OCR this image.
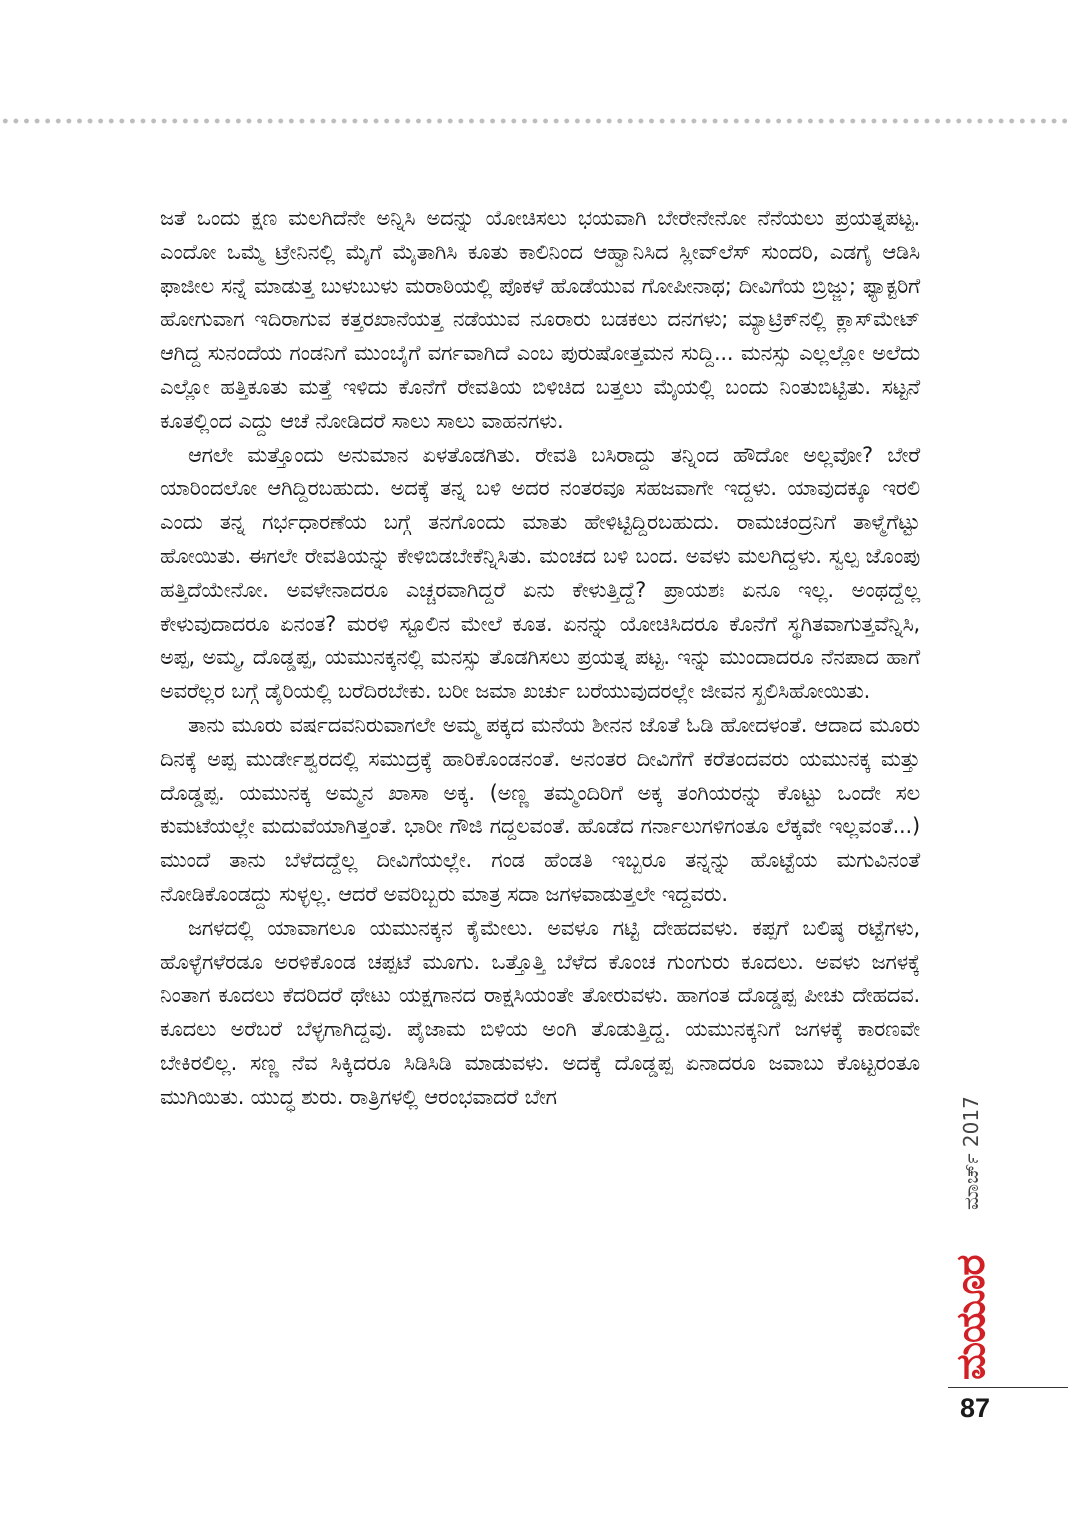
ಜತೆ ಒಂದು ಕ್ಷಣ ಮಲಗಿದೆನೇ ಅನ್ನಿಸಿ ಅದನ್ನು ಯೋಚಿಸಲು ಭಯವಾಗಿ ಬೇರೇನೇನೋ ನೆನೆಯಲು ಪ್ರಯತ್ನಪಟ್ಟ. ಎಂದೋ ಒಮ್ಮೆ ಟ್ರೇನಿನಲ್ಲಿ ಮೈಗೆ ಮೈತಾಗಿಸಿ ಕೂತು ಕಾಲಿನಿಂದ ಆಹ್ವಾನಿಸಿದ ಸ್ಲೀವ್‌ಲೆಸ್ ಸುಂದರಿ, ಎಡಗೈ ಆಡಿಸಿ ಫಾಜೀಲ ಸನ್ನೆ ಮಾಡುತ್ತ ಬುಳುಬುಳು ಮರಾಠಿಯಲ್ಲಿ ಪೊಕಳೆ ಹೊಡೆಯುವ ಗೋಪೀನಾಥ; ದೀವಿಗೆಯ ಬ್ರಿಜ್ಜು; ಫ್ಯಾಕ್ಟರಿಗೆ ಹೋಗುವಾಗ ಇದಿರಾಗುವ ಕತ್ತರಖಾನೆಯತ್ತ ನಡೆಯುವ ನೂರಾರು ಬಡಕಲು ದನಗಳು; ಮ್ಯಾಟ್ರಿಕ್‌ನಲ್ಲಿ ಕ್ಲಾಸ್‌ಮೇಟ್ ಆಗಿದ್ದ ಸುನಂದೆಯ ಗಂಡನಿಗೆ ಮುಂಬೈಗೆ ವರ್ಗವಾಗಿದೆ ಎಂಬ ಪುರುಷೋತ್ತಮನ ಸುದ್ದಿ... ಮನಸ್ಸು ಎಲ್ಲಲ್ಲೋ ಅಲೆದು ಎಲ್ಲೋ ಹತ್ತಿಕೂತು ಮತ್ತೆ ಇಳಿದು ಕೊನೆಗೆ ರೇವತಿಯ ಬಿಳಿಚಿದ ಬತ್ತಲು ಮೈಯಲ್ಲಿ ಬಂದು ನಿಂತುಬಿಟ್ಟಿತು. ಸಟ್ಟನೆ ಕೂತಲ್ಲಿಂದ ಎದ್ದು ಆಚೆ ನೋಡಿದರೆ ಸಾಲು ಸಾಲು ವಾಹನಗಳು.

ಆಗಲೇ ಮತ್ತೊಂದು ಅನುಮಾನ ಏಳತೊಡಗಿತು. ರೇವತಿ ಬಸಿರಾದ್ದು ತನ್ನಿಂದ ಹೌದೋ ಅಲ್ಲವೋ? ಬೇರೆ ಯಾರಿಂದಲೋ ಆಗಿದ್ದಿರಬಹುದು. ಅದಕ್ಕೆ ತನ್ನ ಬಳಿ ಅದರ ನಂತರವೂ ಸಹಜವಾಗೇ ಇದ್ದಳು. ಯಾವುದಕ್ಕೂ ಇರಲಿ ಎಂದು ತನ್ನ ಗರ್ಭಧಾರಣೆಯ ಬಗ್ಗೆ ತನಗೊಂದು ಮಾತು ಹೇಳಿಟ್ಟಿದ್ದಿರಬಹುದು. ರಾಮಚಂದ್ರನಿಗೆ ತಾಳ್ಮೆಗೆಟ್ಟು ಹೋಯಿತು. ಈಗಲೇ ರೇವತಿಯನ್ನು ಕೇಳಿಬಿಡಬೇಕೆನ್ನಿಸಿತು. ಮಂಚದ ಬಳಿ ಬಂದ. ಅವಳು ಮಲಗಿದ್ದಳು. ಸ್ವಲ್ಪ ಜೊಂಪು ಹತ್ತಿದೆಯೇನೋ. ಅವಳೇನಾದರೂ ಎಚ್ಚರವಾಗಿದ್ದರೆ ಏನು ಕೇಳುತ್ತಿದ್ದೆ? ಪ್ರಾಯಶಃ ಏನೂ ಇಲ್ಲ. ಅಂಥದ್ದೆಲ್ಲ ಕೇಳುವುದಾದರೂ ಏನಂತ? ಮರಳಿ ಸ್ಟೂಲಿನ ಮೇಲೆ ಕೂತ. ಏನನ್ನು ಯೋಚಿಸಿದರೂ ಕೊನೆಗೆ ಸ್ಥಗಿತವಾಗುತ್ತವೆನ್ನಿಸಿ, ಅಪ್ಪ, ಅಮ್ಮ, ದೊಡ್ಡಪ್ಪ, ಯಮುನಕ್ಕನಲ್ಲಿ ಮನಸ್ಸು ತೊಡಗಿಸಲು ಪ್ರಯತ್ನ ಪಟ್ಟ. ಇನ್ನು ಮುಂದಾದರೂ ನೆನಪಾದ ಹಾಗೆ ಅವರೆಲ್ಲರ ಬಗ್ಗೆ ಡೈರಿಯಲ್ಲಿ ಬರೆದಿರಬೇಕು. ಬರೀ ಜಮಾ ಖರ್ಚು ಬರೆಯುವುದರಲ್ಲೇ ಜೀವನ ಸ್ಖಲಿಸಿಹೋಯಿತು.

ತಾನು ಮೂರು ವರ್ಷದವನಿರುವಾಗಲೇ ಅಮ್ಮ ಪಕ್ಕದ ಮನೆಯ ಶೀನನ ಜೊತೆ ಓಡಿ ಹೋದಳಂತೆ. ಆದಾದ ಮೂರು ದಿನಕ್ಕೆ ಅಪ್ಪ ಮುರ್ಡೇಶ್ವರದಲ್ಲಿ ಸಮುದ್ರಕ್ಕೆ ಹಾರಿಕೊಂಡನಂತೆ. ಅನಂತರ ದೀವಿಗೆಗೆ ಕರೆತಂದವರು ಯಮುನಕ್ಕ ಮತ್ತು ದೊಡ್ಡಪ್ಪ. ಯಮುನಕ್ಕ ಅಮ್ಮನ ಖಾಸಾ ಅಕ್ಕ. (ಅಣ್ಣ ತಮ್ಮಂದಿರಿಗೆ ಅಕ್ಕ ತಂಗಿಯರನ್ನು ಕೊಟ್ಟು ಒಂದೇ ಸಲ ಕುಮಟೆಯಲ್ಲೇ ಮದುವೆಯಾಗಿತ್ತಂತೆ. ಭಾರೀ ಗೌಜಿ ಗದ್ದಲವಂತೆ. ಹೊಡೆದ ಗರ್ನಾಲುಗಳಿಗಂತೂ ಲೆಕ್ಕವೇ ಇಲ್ಲವಂತೆ...) ಮುಂದೆ ತಾನು ಬೆಳೆದದ್ದೆಲ್ಲ ದೀವಿಗೆಯಲ್ಲೇ. ಗಂಡ ಹೆಂಡತಿ ಇಬ್ಬರೂ ತನ್ನನ್ನು ಹೊಟ್ಟೆಯ ಮಗುವಿನಂತೆ ನೋಡಿಕೊಂಡದ್ದು ಸುಳ್ಳಲ್ಲ. ಆದರೆ ಅವರಿಬ್ಬರು ಮಾತ್ರ ಸದಾ ಜಗಳವಾಡುತ್ತಲೇ ಇದ್ದವರು.

ಜಗಳದಲ್ಲಿ ಯಾವಾಗಲೂ ಯಮುನಕ್ಕನ ಕೈಮೇಲು. ಅವಳೂ ಗಟ್ಟಿ ದೇಹದವಳು. ಕಪ್ಪಗೆ ಬಲಿಷ್ಠ ರಟ್ಟೆಗಳು, ಹೊಳ್ಳೆಗಳೆರಡೂ ಅರಳಿಕೊಂಡ ಚಪ್ಪಟೆ ಮೂಗು. ಒತ್ತೊತ್ತಿ ಬೆಳೆದ ಕೊಂಚ ಗುಂಗುರು ಕೂದಲು. ಅವಳು ಜಗಳಕ್ಕೆ ನಿಂತಾಗ ಕೂದಲು ಕೆದರಿದರೆ ಥೇಟು ಯಕ್ಷಗಾನದ ರಾಕ್ಷಸಿಯಂತೇ ತೋರುವಳು. ಹಾಗಂತ ದೊಡ್ಡಪ್ಪ ಪೀಚು ದೇಹದವ. ಕೂದಲು ಅರೆಬರೆ ಬೆಳ್ಳಗಾಗಿದ್ದವು. ಪೈಜಾಮ ಬಿಳಿಯ ಅಂಗಿ ತೊಡುತ್ತಿದ್ದ. ಯಮುನಕ್ಕನಿಗೆ ಜಗಳಕ್ಕೆ ಕಾರಣವೇ ಬೇಕಿರಲಿಲ್ಲ. ಸಣ್ಣ ನೆವ ಸಿಕ್ಕಿದರೂ ಸಿಡಿಸಿಡಿ ಮಾಡುವಳು. ಅದಕ್ಕೆ ದೊಡ್ಡಪ್ಪ ಏನಾದರೂ ಜವಾಬು ಕೊಟ್ಟರಂತೂ ಮುಗಿಯಿತು. ಯುದ್ಧ ಶುರು. ರಾತ್ರಿಗಳಲ್ಲಿ ಆರಂಭವಾದರೆ ಬೇಗ	ಮಾರ್ಚ್ 2017
ಮಯೂರ
87
